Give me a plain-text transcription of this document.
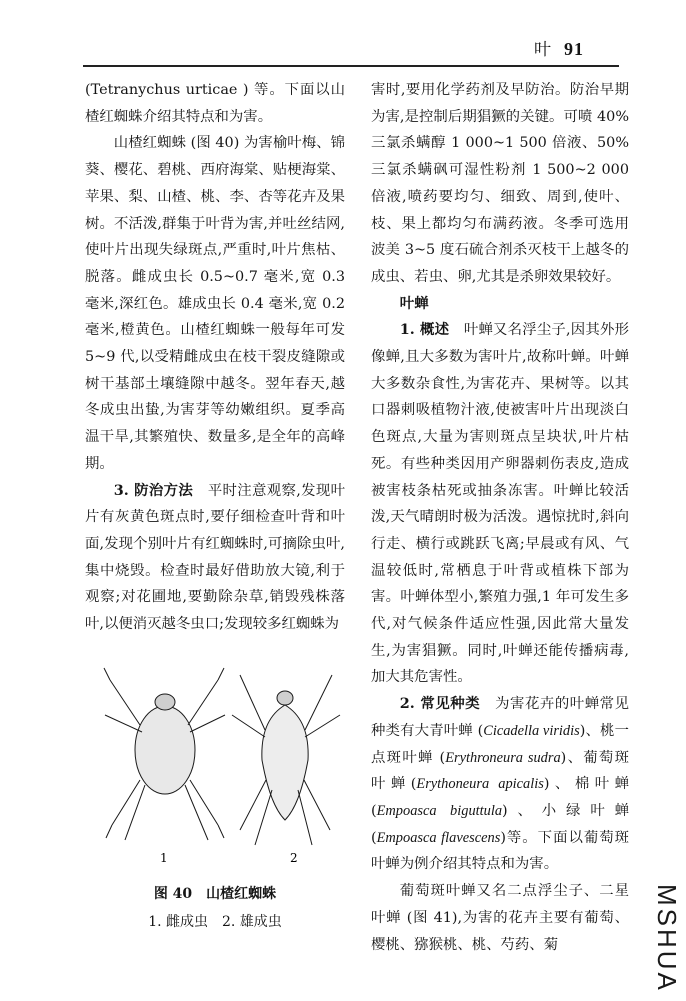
叶 91

(Tetranychus urticae ) 等。下面以山楂红蜘蛛介绍其特点和为害。

山楂红蜘蛛 (图 40) 为害榆叶梅、锦葵、樱花、碧桃、西府海棠、贴梗海棠、苹果、梨、山楂、桃、李、杏等花卉及果树。不活泼,群集于叶背为害,并吐丝结网,使叶片出现失绿斑点,严重时,叶片焦枯、脱落。雌成虫长 0.5~0.7 毫米,宽 0.3 毫米,深红色。雄成虫长 0.4 毫米,宽 0.2 毫米,橙黄色。山楂红蜘蛛一般每年可发5~9 代,以受精雌成虫在枝干裂皮缝隙或树干基部土壤缝隙中越冬。翌年春天,越冬成虫出蛰,为害芽等幼嫩组织。夏季高温干旱,其繁殖快、数量多,是全年的高峰期。

3. 防治方法　 平时注意观察,发现叶片有灰黄色斑点时,要仔细检查叶背和叶面,发现个别叶片有红蜘蛛时,可摘除虫叶,集中烧毁。检查时最好借助放大镜,利于观察;对花圃地,要勤除杂草,销毁残株落叶,以便消灭越冬虫口;发现较多红蜘蛛为

1	2
图 40　山楂红蜘蛛
1. 雌成虫　2. 雄成虫

害时,要用化学药剂及早防治。防治早期为害,是控制后期猖獗的关键。可喷 40% 三氯杀螨醇 1 000~1 500 倍液、50% 三氯杀螨砜可湿性粉剂 1 500~2 000 倍液,喷药要均匀、细致、周到,使叶、枝、果上都均匀布满药液。冬季可选用波美 3~5 度石硫合剂杀灭枝干上越冬的成虫、若虫、卵,尤其是杀卵效果较好。

叶蝉

1. 概述　 叶蝉又名浮尘子,因其外形像蝉,且大多数为害叶片,故称叶蝉。叶蝉大多数杂食性,为害花卉、果树等。以其口器刺吸植物汁液,使被害叶片出现淡白色斑点,大量为害则斑点呈块状,叶片枯死。有些种类因用产卵器刺伤表皮,造成被害枝条枯死或抽条冻害。叶蝉比较活泼,天气晴朗时极为活泼。遇惊扰时,斜向行走、横行或跳跃飞离;早晨或有风、气温较低时,常栖息于叶背或植株下部为害。叶蝉体型小,繁殖力强,1 年可发生多代,对气候条件适应性强,因此常大量发生,为害猖獗。同时,叶蝉还能传播病毒,加大其危害性。

2. 常见种类　 为害花卉的叶蝉常见种类有大青叶蝉 (Cicadella viridis)、桃一点斑叶蝉 (Erythroneura sudra)、葡萄斑叶蝉(Erythoneura apicalis)、棉叶蝉(Empoasca biguttula)、小绿叶蝉(Empoasca flavescens)等。下面以葡萄斑叶蝉为例介绍其特点和为害。

葡萄斑叶蝉又名二点浮尘子、二星叶蝉 (图 41),为害的花卉主要有葡萄、樱桃、猕猴桃、桃、芍药、菊	MSHUA
